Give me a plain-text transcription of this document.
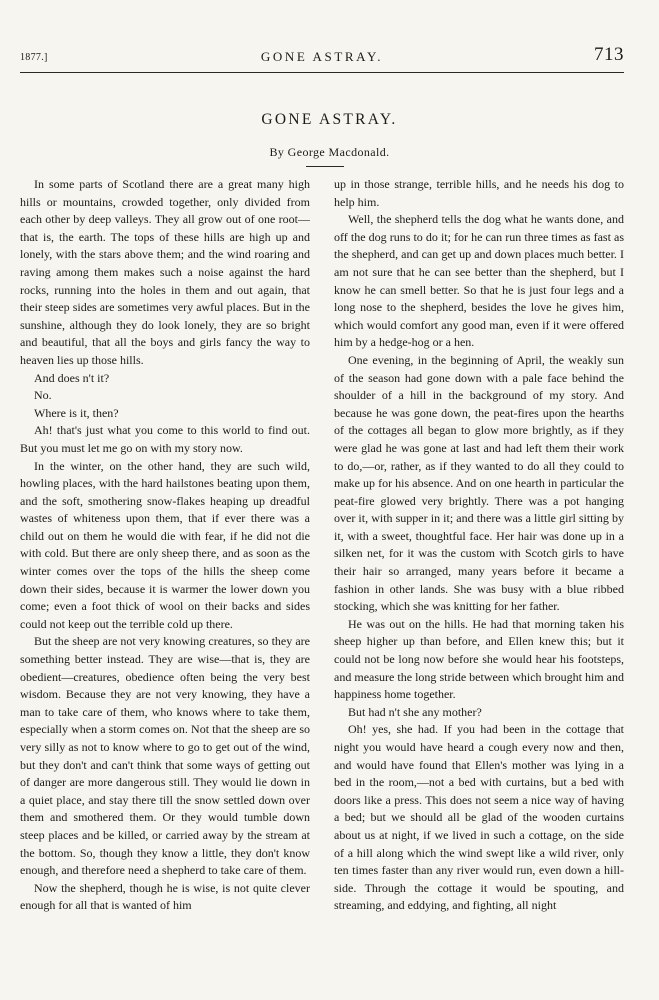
1877.]	GONE ASTRAY.	713
GONE ASTRAY.
By George Macdonald.

In some parts of Scotland there are a great many high hills or mountains, crowded together, only divided from each other by deep valleys. They all grow out of one root—that is, the earth. The tops of these hills are high up and lonely, with the stars above them; and the wind roaring and raving among them makes such a noise against the hard rocks, running into the holes in them and out again, that their steep sides are sometimes very awful places. But in the sunshine, although they do look lonely, they are so bright and beautiful, that all the boys and girls fancy the way to heaven lies up those hills.

And does n't it?

No.

Where is it, then?

Ah! that's just what you come to this world to find out. But you must let me go on with my story now.

In the winter, on the other hand, they are such wild, howling places, with the hard hailstones beating upon them, and the soft, smothering snow-flakes heaping up dreadful wastes of whiteness upon them, that if ever there was a child out on them he would die with fear, if he did not die with cold. But there are only sheep there, and as soon as the winter comes over the tops of the hills the sheep come down their sides, because it is warmer the lower down you come; even a foot thick of wool on their backs and sides could not keep out the terrible cold up there.

But the sheep are not very knowing creatures, so they are something better instead. They are wise—that is, they are obedient—creatures, obedience often being the very best wisdom. Because they are not very knowing, they have a man to take care of them, who knows where to take them, especially when a storm comes on. Not that the sheep are so very silly as not to know where to go to get out of the wind, but they don't and can't think that some ways of getting out of danger are more dangerous still. They would lie down in a quiet place, and stay there till the snow settled down over them and smothered them. Or they would tumble down steep places and be killed, or carried away by the stream at the bottom. So, though they know a little, they don't know enough, and therefore need a shepherd to take care of them.

Now the shepherd, though he is wise, is not quite clever enough for all that is wanted of him

up in those strange, terrible hills, and he needs his dog to help him.

Well, the shepherd tells the dog what he wants done, and off the dog runs to do it; for he can run three times as fast as the shepherd, and can get up and down places much better. I am not sure that he can see better than the shepherd, but I know he can smell better. So that he is just four legs and a long nose to the shepherd, besides the love he gives him, which would comfort any good man, even if it were offered him by a hedge-hog or a hen.

One evening, in the beginning of April, the weakly sun of the season had gone down with a pale face behind the shoulder of a hill in the background of my story. And because he was gone down, the peat-fires upon the hearths of the cottages all began to glow more brightly, as if they were glad he was gone at last and had left them their work to do,—or, rather, as if they wanted to do all they could to make up for his absence. And on one hearth in particular the peat-fire glowed very brightly. There was a pot hanging over it, with supper in it; and there was a little girl sitting by it, with a sweet, thoughtful face. Her hair was done up in a silken net, for it was the custom with Scotch girls to have their hair so arranged, many years before it became a fashion in other lands. She was busy with a blue ribbed stocking, which she was knitting for her father.

He was out on the hills. He had that morning taken his sheep higher up than before, and Ellen knew this; but it could not be long now before she would hear his footsteps, and measure the long stride between which brought him and happiness home together.

But had n't she any mother?

Oh! yes, she had. If you had been in the cottage that night you would have heard a cough every now and then, and would have found that Ellen's mother was lying in a bed in the room,—not a bed with curtains, but a bed with doors like a press. This does not seem a nice way of having a bed; but we should all be glad of the wooden curtains about us at night, if we lived in such a cottage, on the side of a hill along which the wind swept like a wild river, only ten times faster than any river would run, even down a hill-side. Through the cottage it would be spouting, and streaming, and eddying, and fighting, all night
